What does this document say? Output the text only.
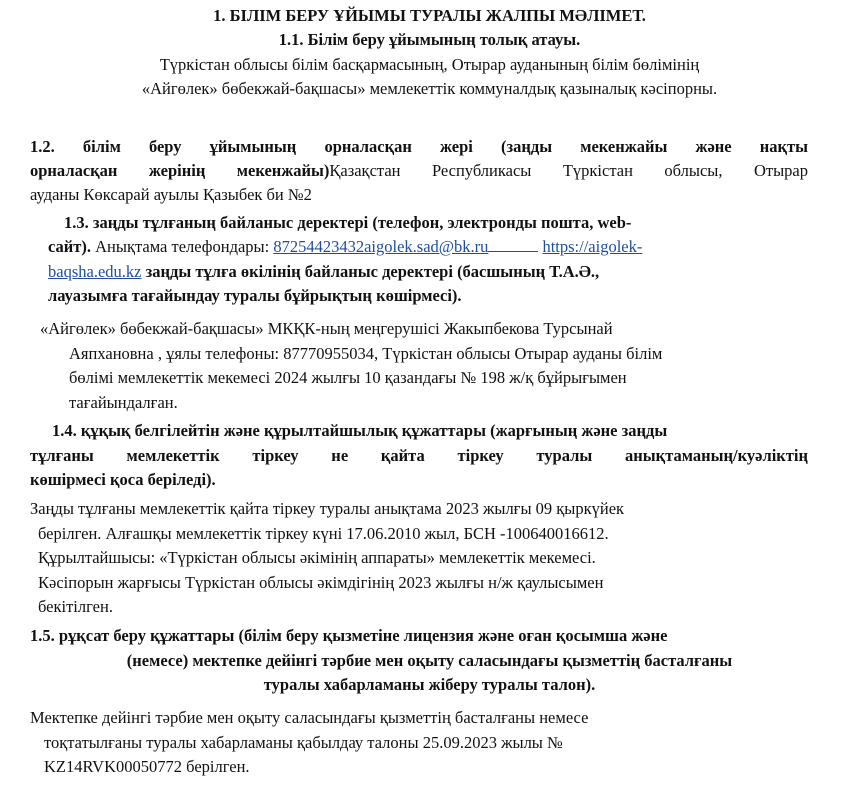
1. БІЛІМ БЕРУ ҰЙЫМЫ ТУРАЛЫ ЖАЛПЫ МӘЛІМЕТ.
1.1. Білім беру ұйымының толық атауы.
Түркістан облысы білім басқармасының, Отырар ауданының білім бөлімінің
«Айгөлек» бөбекжай-бақшасы» мемлекеттік коммуналдық қазыналық кәсіпорны.
1.2. білім беру ұйымының орналасқан жері (заңды мекенжайы және нақты
орналасқан жерінің мекенжайы)Қазақстан Республикасы Түркістан облысы, Отырар
ауданы Көксарай ауылы Қазыбек би №2
1.3. заңды тұлғаның байланыс деректері (телефон, электронды пошта, web-
сайт). Анықтама телефондары: 87254423432aigolek.sad@bk.ru	https://aigolek-
baqsha.edu.kz заңды тұлға өкілінің байланыс деректері (басшының Т.А.Ә.,
лауазымға тағайындау туралы бұйрықтың көшірмесі).
«Айгөлек» бөбекжай-бақшасы» МКҚК-ның меңгерушісі Жакыпбекова Турсынай
Аяпхановна , ұялы телефоны: 87770955034, Түркістан облысы Отырар ауданы білім
бөлімі мемлекеттік мекемесі 2024 жылғы 10 қазандағы № 198 ж/қ бұйрығымен
тағайындалған.
1.4. құқық белгілейтін және құрылтайшылық құжаттары (жарғының және заңды
тұлғаны мемлекеттік тіркеу не қайта тіркеу туралы анықтаманың/куәліктің
көшірмесі қоса беріледі).
Заңды тұлғаны мемлекеттік қайта тіркеу туралы анықтама 2023 жылғы 09 қыркүйек
берілген. Алғашқы мемлекеттік тіркеу күні 17.06.2010 жыл, БСН -100640016612.
Құрылтайшысы: «Түркістан облысы әкімінің аппараты» мемлекеттік мекемесі.
Кәсіпорын жарғысы Түркістан облысы әкімдігінің 2023 жылғы н/ж қаулысымен
бекітілген.
1.5. рұқсат беру құжаттары (білім беру қызметіне лицензия және оған қосымша және
(немесе) мектепке дейінгі тәрбие мен оқыту саласындағы қызметтің басталғаны
туралы хабарламаны жіберу туралы талон).
Мектепке дейінгі тәрбие мен оқыту саласындағы қызметтің басталғаны немесе
тоқтатылғаны туралы хабарламаны қабылдау талоны 25.09.2023 жылы №
KZ14RVK00050772 берілген.
